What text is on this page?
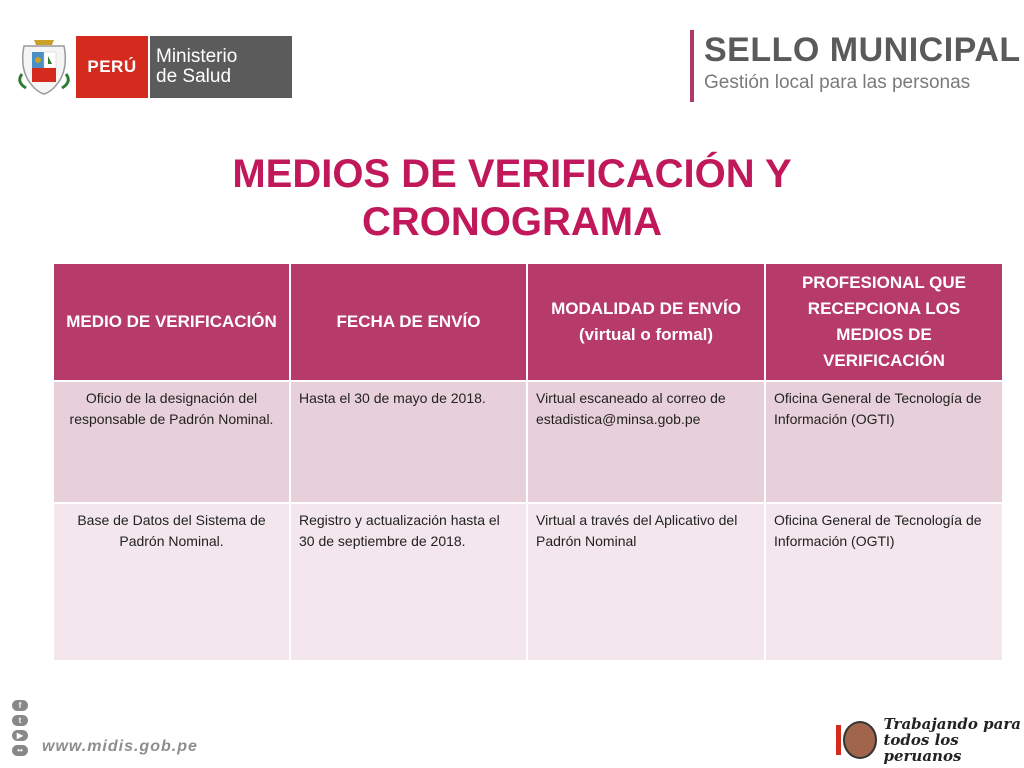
PERÚ	Ministerio
de Salud
SELLO MUNICIPAL
Gestión local para las personas
MEDIOS DE VERIFICACIÓN Y
CRONOGRAMA
MEDIO DE VERIFICACIÓN	FECHA DE ENVÍO	MODALIDAD DE ENVÍO (virtual o formal)	PROFESIONAL QUE RECEPCIONA LOS MEDIOS DE VERIFICACIÓN
Oficio de la designación del responsable de Padrón Nominal.	Hasta el 30 de mayo de 2018.	Virtual escaneado al correo de estadistica@minsa.gob.pe	Oficina General de Tecnología de Información (OGTI)
Base de Datos del Sistema de Padrón Nominal.	Registro y actualización hasta el 30 de septiembre de 2018.	Virtual a través del Aplicativo del Padrón Nominal	Oficina General de Tecnología de Información (OGTI)
f
t
▶
••	www.midis.gob.pe
Trabajando para
todos los peruanos
